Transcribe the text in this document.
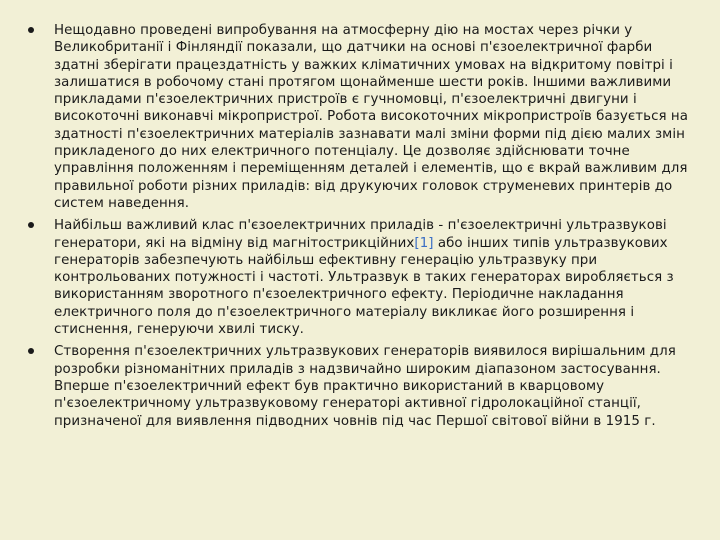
Нещодавно проведені випробування на атмосферну дію на мостах через річки у Великобританії і Фінляндії показали, що датчики на основі п'єзоелектричної фарби здатні зберігати працездатність у важких кліматичних умовах на відкритому повітрі і залишатися в робочому стані протягом щонайменше шести років. Іншими важливими прикладами п'єзоелектричних пристроїв є гучномовці, п'єзоелектричні двигуни і високоточні виконавчі мікропристрої. Робота високоточних мікропристроїв базується на здатності п'єзоелектричних матеріалів зазнавати малі зміни форми під дією малих змін прикладеного до них електричного потенціалу. Це дозволяє здійснювати точне управління положенням і переміщенням деталей і елементів, що є вкрай важливим для правильної роботи різних приладів: від друкуючих головок струменевих принтерів до систем наведення.
Найбільш важливий клас п'єзоелектричних приладів - п'єзоелектричні ультразвукові генератори, які на відміну від магнітострикційних[1] або інших типів ультразвукових генераторів забезпечують найбільш ефективну генерацію ультразвуку при контрольованих потужності і частоті. Ультразвук в таких генераторах виробляється з використанням зворотного п'єзоелектричного ефекту. Періодичне накладання електричного поля до п'єзоелектричного матеріалу викликає його розширення і стиснення, генеруючи хвилі тиску.
Створення п'єзоелектричних ультразвукових генераторів виявилося вирішальним для розробки різноманітних приладів з надзвичайно широким діапазоном застосування. Вперше п'єзоелектричний ефект був практично використаний в кварцовому п'єзоелектричному ультразвуковому генераторі активної гідролокаційної станції, призначеної для виявлення підводних човнів під час Першої світової війни в 1915 г.
